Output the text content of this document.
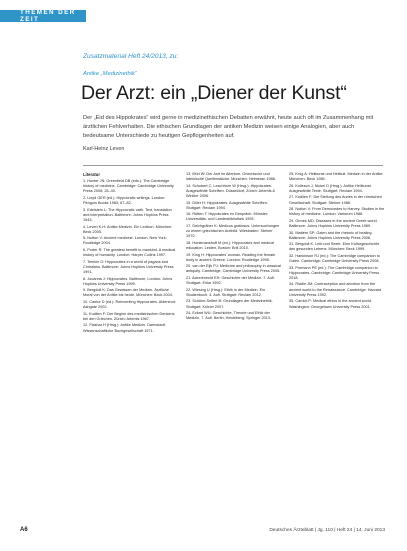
THEMEN DER ZEIT
Zusatzmaterial Heft 24/2013, zu:
Antike „Medizinethik“
Der Arzt: ein „Diener der Kunst“
Der „Eid des Hippokrates“ wird gerne in medizinethischen Debatten erwähnt, heute auch oft im Zusammenhang mit ärztlichen Fehlverhalten. Die ethischen Grundlagen der antiken Medizin weisen einige Analogien, aber auch bedeutsame Unterschiede zu heutigen Gepflogenheiten auf.
Karl-Heinz Leven
Literatur
1. Hunter JN, Greenfield DB (eds.): The Cambridge history of medicine. Cambridge: Cambridge University Press 2006; 25–40.
2. Lloyd GER (ed.): Hippocratic writings. London: Penguin Books 1983; 67–82.
3. Edelstein L: The Hippocratic oath. Text, translation and interpretation. Baltimore: Johns Hopkins Press 1943.
4. Leven K-H: Antike Medizin. Ein Lexikon. München: Beck 2005.
5. Nutton V: Ancient medicine. London, New York: Routledge 2004.
6. Porter R: The greatest benefit to mankind. A medical history of humanity. London: Harper Collins 1997.
7. Temkin O: Hippocrates in a world of pagans and Christians. Baltimore: Johns Hopkins University Press 1991.
8. Jouanna J: Hippocrates. Baltimore, London: Johns Hopkins University Press 1999.
9. Bergdolt K: Das Gewissen der Medizin. Ärztliche Moral von der Antike bis heute. München: Beck 2004.
10. Cantor D (ed.): Reinventing Hippocrates. Aldershot: Ashgate 2002.
11. Kudlien F: Der Beginn des medizinischen Denkens bei den Griechen. Zürich: Artemis 1967.
12. Flashar H (Hrsg.): Antike Medizin. Darmstadt: Wissenschaftliche Buchgesellschaft 1971.
13. Müri W: Der Arzt im Altertum. Griechische und lateinische Quellenstücke. München: Heimeran 1986.
14. Schubert C, Leschhorn W (Hrsg.): Hippokrates. Ausgewählte Schriften. Düsseldorf, Zürich: Artemis & Winkler 2006.
15. Diller H: Hippokrates. Ausgewählte Schriften. Stuttgart: Reclam 1994.
16. Rütten T: Hippokrates im Gespräch. Münster: Universitäts- und Landesbibliothek 1993.
17. Deichgräber K: Medicus gratiosus. Untersuchungen zu einem griechischen Arztbild. Wiesbaden: Steiner 1970.
18. Horstmanshoff M (ed.): Hippocrates and medical education. Leiden, Boston: Brill 2010.
19. King H: Hippocrates' woman. Reading the female body in ancient Greece. London: Routledge 1998.
20. van der Eijk PJ: Medicine and philosophy in classical antiquity. Cambridge: Cambridge University Press 2005.
21. Ackerknecht EH: Geschichte der Medizin. 7. Aufl. Stuttgart: Enke 1992.
22. Wiesing U (Hrsg.): Ethik in der Medizin. Ein Studienbuch. 4. Aufl. Stuttgart: Reclam 2012.
23. Schöne-Seifert B: Grundlagen der Medizinethik. Stuttgart: Kröner 2007.
24. Eckart WU: Geschichte, Theorie und Ethik der Medizin. 7. Aufl. Berlin, Heidelberg: Springer 2013.
25. Krug A: Heilkunst und Heilkult. Medizin in der Antike. München: Beck 1985.
26. Kollesch J, Nickel D (Hrsg.): Antike Heilkunst. Ausgewählte Texte. Stuttgart: Reclam 1994.
27. Kudlien F: Die Stellung des Arztes in der römischen Gesellschaft. Stuttgart: Steiner 1986.
28. Nutton V: From Democedes to Harvey. Studies in the history of medicine. London: Variorum 1988.
29. Grmek MD: Diseases in the ancient Greek world. Baltimore: Johns Hopkins University Press 1989.
30. Mattern SP: Galen and the rhetoric of healing. Baltimore: Johns Hopkins University Press 2008.
31. Bergdolt K: Leib und Seele. Eine Kulturgeschichte des gesunden Lebens. München: Beck 1999.
32. Hankinson RJ (ed.): The Cambridge companion to Galen. Cambridge: Cambridge University Press 2008.
33. Pormann PE (ed.): The Cambridge companion to Hippocrates. Cambridge: Cambridge University Press 2018.
34. Riddle JM: Contraception and abortion from the ancient world to the Renaissance. Cambridge: Harvard University Press 1992.
35. Carrick P: Medical ethics in the ancient world. Washington: Georgetown University Press 2001.
A6	Deutsches Ärzteblatt | Jg. 110 | Heft 24 | 14. Juni 2013
